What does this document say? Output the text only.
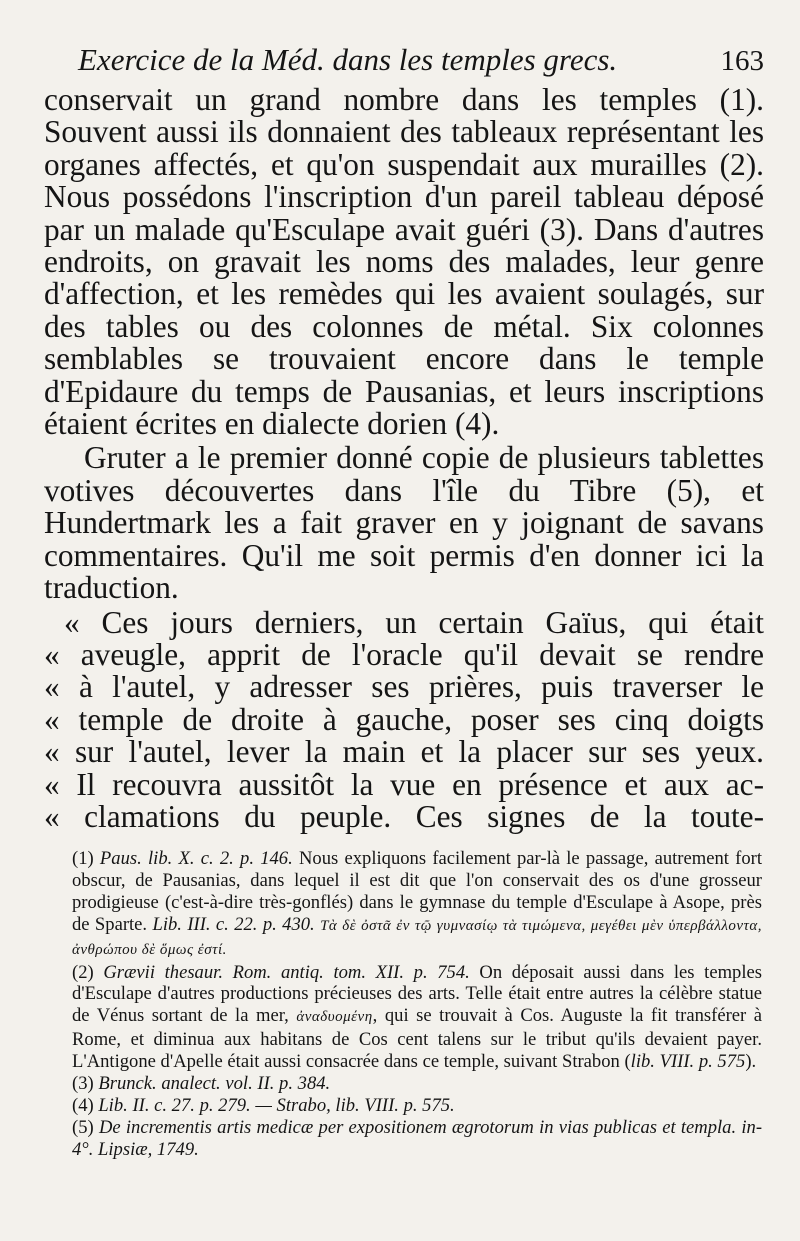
Exercice de la Méd. dans les temples grecs.	163

conservait un grand nombre dans les temples (1). Souvent aussi ils donnaient des tableaux représentant les organes affectés, et qu'on suspendait aux murailles (2). Nous possédons l'inscription d'un pareil tableau déposé par un malade qu'Esculape avait guéri (3). Dans d'autres endroits, on gravait les noms des malades, leur genre d'affection, et les remèdes qui les avaient soulagés, sur des tables ou des colonnes de métal. Six colonnes semblables se trouvaient encore dans le temple d'Epidaure du temps de Pausanias, et leurs inscriptions étaient écrites en dialecte dorien (4).

Gruter a le premier donné copie de plusieurs tablettes votives découvertes dans l'île du Tibre (5), et Hundertmark les a fait graver en y joignant de savans commentaires. Qu'il me soit permis d'en donner ici la traduction.

« Ces jours derniers, un certain Gaïus, qui était

« aveugle, apprit de l'oracle qu'il devait se rendre

« à l'autel, y adresser ses prières, puis traverser le

« temple de droite à gauche, poser ses cinq doigts

« sur l'autel, lever la main et la placer sur ses yeux.

« Il recouvra aussitôt la vue en présence et aux ac-

« clamations du peuple. Ces signes de la toute-

(1) Paus. lib. X. c. 2. p. 146. Nous expliquons facilement par-là le passage, autrement fort obscur, de Pausanias, dans lequel il est dit que l'on conservait des os d'une grosseur prodigieuse (c'est-à-dire très-gonflés) dans le gymnase du temple d'Esculape à Asope, près de Sparte. Lib. III. c. 22. p. 430. Τὰ δὲ ὀστᾶ ἐν τῷ γυμνασίῳ τὰ τιμώμενα, μεγέθει μὲν ὑπερβάλλοντα, ἀνθρώπου δὲ ὅμως ἐστί.

(2) Grævii thesaur. Rom. antiq. tom. XII. p. 754. On déposait aussi dans les temples d'Esculape d'autres productions précieuses des arts. Telle était entre autres la célèbre statue de Vénus sortant de la mer, ἀναδυομένη, qui se trouvait à Cos. Auguste la fit transférer à Rome, et diminua aux habitans de Cos cent talens sur le tribut qu'ils devaient payer. L'Antigone d'Apelle était aussi consacrée dans ce temple, suivant Strabon (lib. VIII. p. 575).

(3) Brunck. analect. vol. II. p. 384.

(4) Lib. II. c. 27. p. 279. — Strabo, lib. VIII. p. 575.

(5) De incrementis artis medicæ per expositionem ægrotorum in vias publicas et templa. in-4°. Lipsiæ, 1749.
